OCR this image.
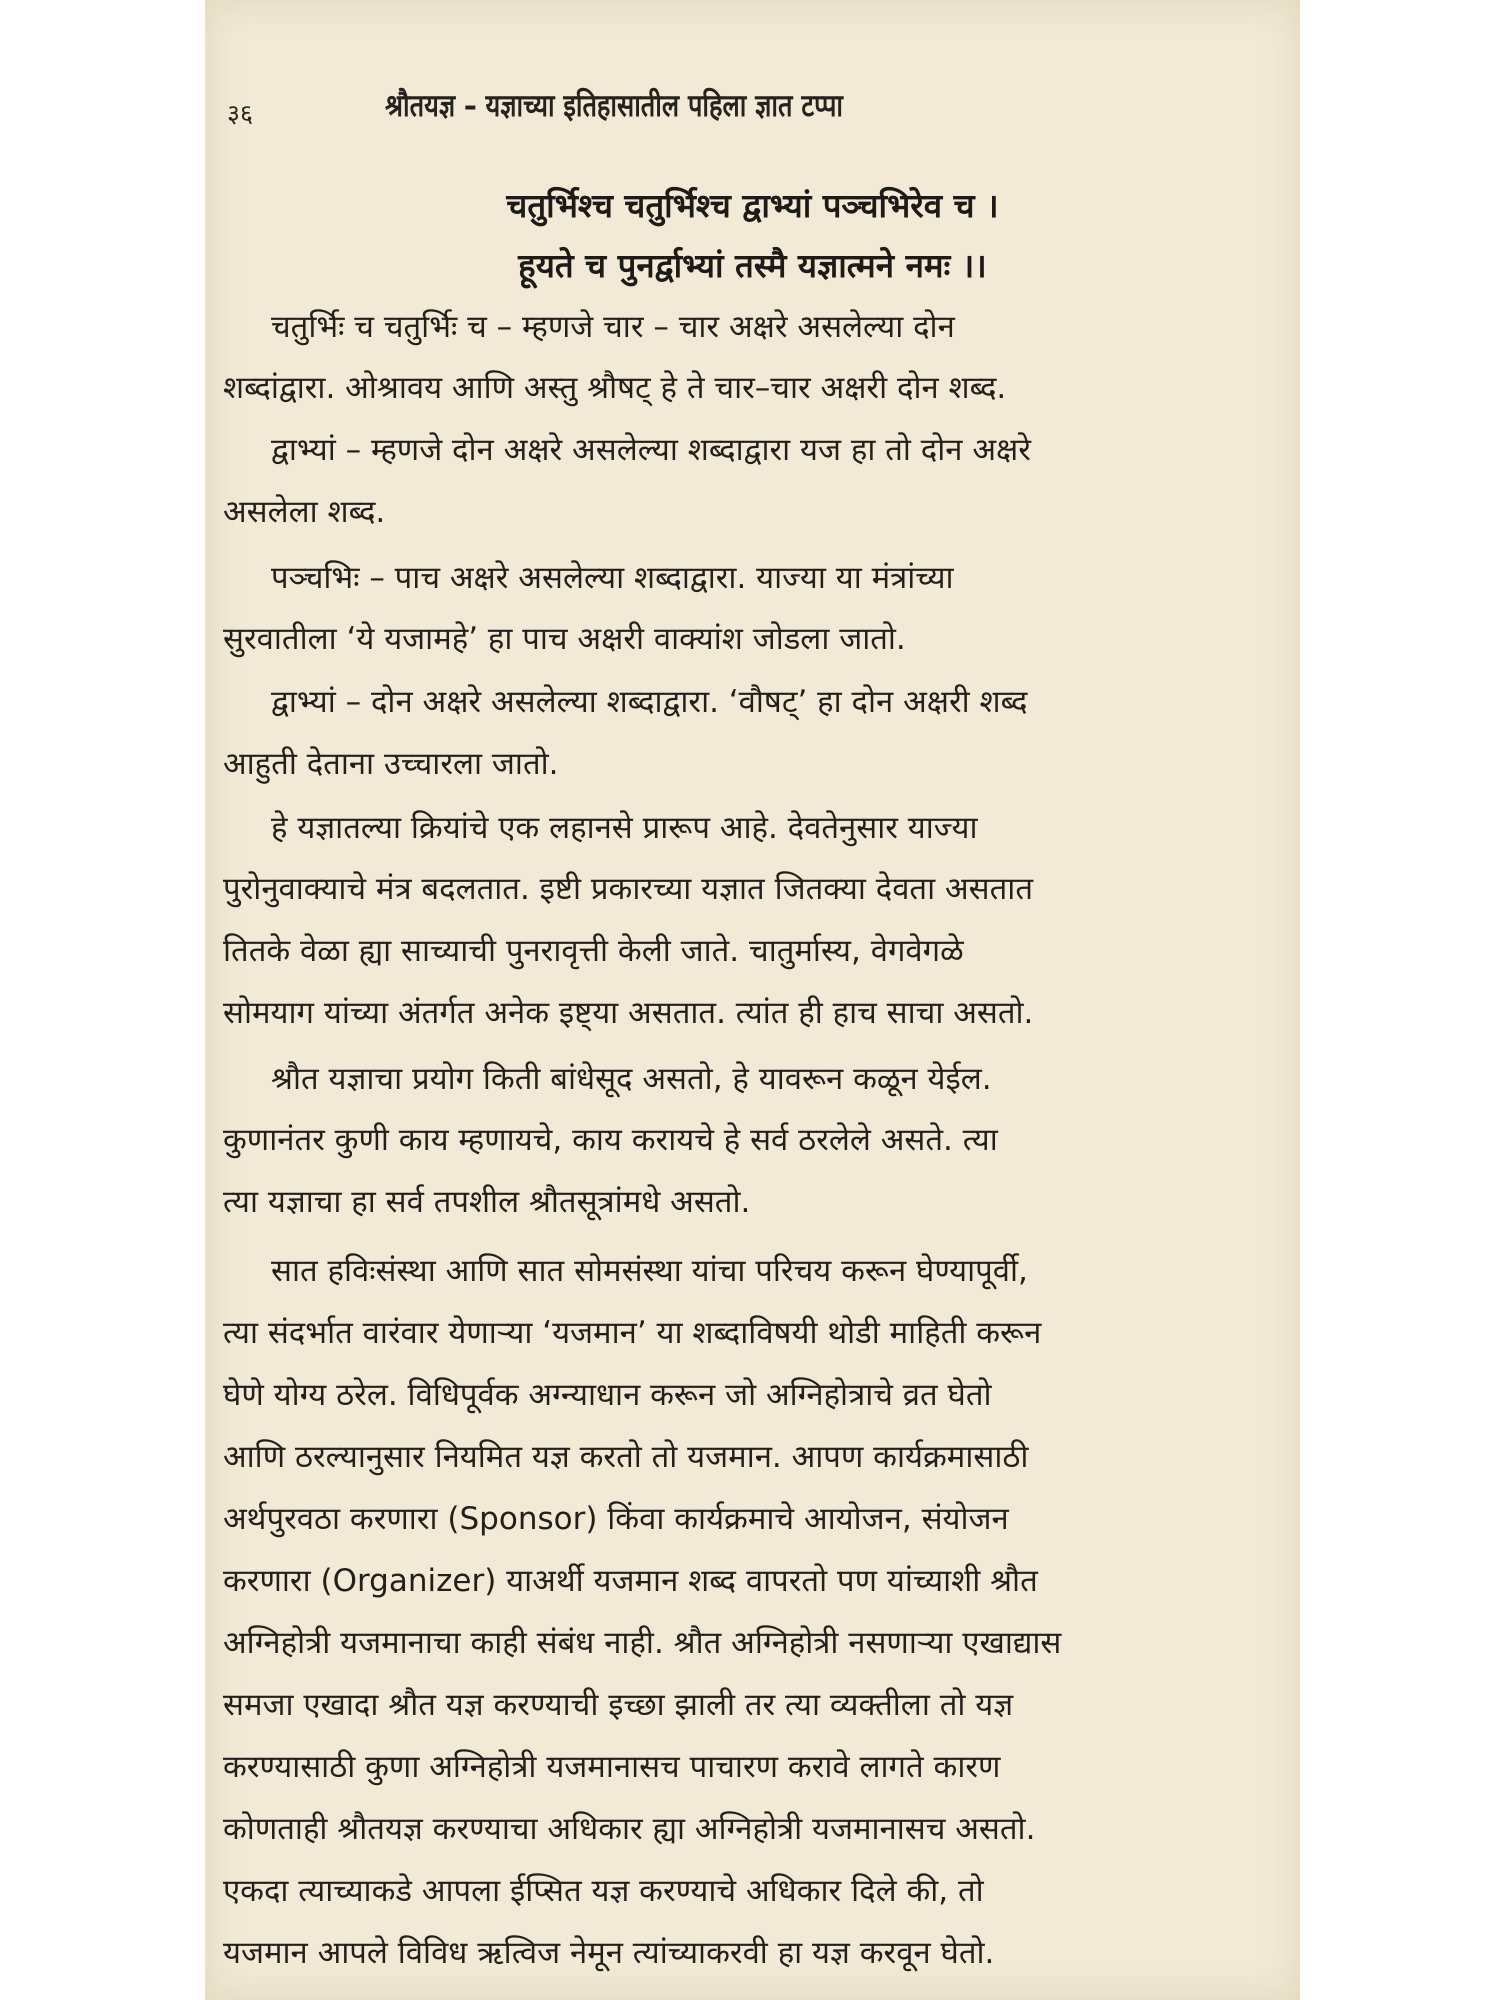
३६	श्रौतयज्ञ – यज्ञाच्या इतिहासातील पहिला ज्ञात टप्पा
चतुर्भिश्च चतुर्भिश्च द्वाभ्यां पञ्चभिरेव च ।
हूयते च पुनर्द्वाभ्यां तस्मै यज्ञात्मने नमः ।।
चतुर्भिः च चतुर्भिः च – म्हणजे चार – चार अक्षरे असलेल्या दोन
शब्दांद्वारा. ओश्रावय आणि अस्तु श्रौषट् हे ते चार–चार अक्षरी दोन शब्द.
द्वाभ्यां – म्हणजे दोन अक्षरे असलेल्या शब्दाद्वारा यज हा तो दोन अक्षरे
असलेला शब्द.
पञ्चभिः – पाच अक्षरे असलेल्या शब्दाद्वारा. याज्या या मंत्रांच्या
सुरवातीला ‘ये यजामहे’ हा पाच अक्षरी वाक्यांश जोडला जातो.
द्वाभ्यां – दोन अक्षरे असलेल्या शब्दाद्वारा. ‘वौषट्’ हा दोन अक्षरी शब्द
आहुती देताना उच्चारला जातो.
हे यज्ञातल्या क्रियांचे एक लहानसे प्रारूप आहे. देवतेनुसार याज्या
पुरोनुवाक्याचे मंत्र बदलतात. इष्टी प्रकारच्या यज्ञात जितक्या देवता असतात
तितके वेळा ह्या साच्याची पुनरावृत्ती केली जाते. चातुर्मास्य, वेगवेगळे
सोमयाग यांच्या अंतर्गत अनेक इष्ट्या असतात. त्यांत ही हाच साचा असतो.
श्रौत यज्ञाचा प्रयोग किती बांधेसूद असतो, हे यावरून कळून येईल.
कुणानंतर कुणी काय म्हणायचे, काय करायचे हे सर्व ठरलेले असते. त्या
त्या यज्ञाचा हा सर्व तपशील श्रौतसूत्रांमधे असतो.
सात हविःसंस्था आणि सात सोमसंस्था यांचा परिचय करून घेण्यापूर्वी,
त्या संदर्भात वारंवार येणाऱ्या ‘यजमान’ या शब्दाविषयी थोडी माहिती करून
घेणे योग्य ठरेल. विधिपूर्वक अग्न्याधान करून जो अग्निहोत्राचे व्रत घेतो
आणि ठरल्यानुसार नियमित यज्ञ करतो तो यजमान. आपण कार्यक्रमासाठी
अर्थपुरवठा करणारा (Sponsor) किंवा कार्यक्रमाचे आयोजन, संयोजन
करणारा (Organizer) याअर्थी यजमान शब्द वापरतो पण यांच्याशी श्रौत
अग्निहोत्री यजमानाचा काही संबंध नाही. श्रौत अग्निहोत्री नसणाऱ्या एखाद्यास
समजा एखादा श्रौत यज्ञ करण्याची इच्छा झाली तर त्या व्यक्तीला तो यज्ञ
करण्यासाठी कुणा अग्निहोत्री यजमानासच पाचारण करावे लागते कारण
कोणताही श्रौतयज्ञ करण्याचा अधिकार ह्या अग्निहोत्री यजमानासच असतो.
एकदा त्याच्याकडे आपला ईप्सित यज्ञ करण्याचे अधिकार दिले की, तो
यजमान आपले विविध ऋत्विज नेमून त्यांच्याकरवी हा यज्ञ करवून घेतो.
